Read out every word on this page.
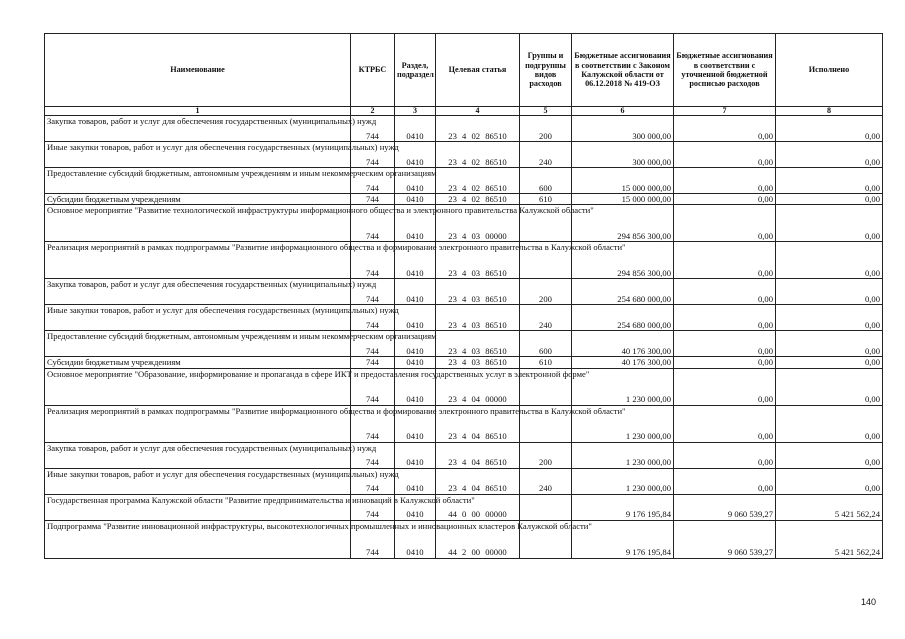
Наименование	КТРБС	Раздел, подраздел	Целевая статья	Группы и подгруппы видов расходов	Бюджетные ассигнования в соответствии с Законом Калужской области от 06.12.2018 № 419-ОЗ	Бюджетные ассигнования в соответствии с уточненной бюджетной росписью расходов	Исполнено
1	2	3	4	5	6	7	8
Закупка товаров, работ и услуг для обеспечения государственных (муниципальных) нужд	744	0410	23 4 02 86510	200	300 000,00	0,00	0,00
Иные закупки товаров, работ и услуг для обеспечения государственных (муниципальных) нужд	744	0410	23 4 02 86510	240	300 000,00	0,00	0,00
Предоставление субсидий бюджетным, автономным учреждениям и иным некоммерческим организациям	744	0410	23 4 02 86510	600	15 000 000,00	0,00	0,00
Субсидии бюджетным учреждениям	744	0410	23 4 02 86510	610	15 000 000,00	0,00	0,00
Основное мероприятие "Развитие технологической инфраструктуры информационного общества и электронного правительства Калужской области"	744	0410	23 4 03 00000		294 856 300,00	0,00	0,00
Реализация мероприятий в рамках подпрограммы "Развитие информационного общества и формирование электронного правительства в Калужской области"	744	0410	23 4 03 86510		294 856 300,00	0,00	0,00
Закупка товаров, работ и услуг для обеспечения государственных (муниципальных) нужд	744	0410	23 4 03 86510	200	254 680 000,00	0,00	0,00
Иные закупки товаров, работ и услуг для обеспечения государственных (муниципальных) нужд	744	0410	23 4 03 86510	240	254 680 000,00	0,00	0,00
Предоставление субсидий бюджетным, автономным учреждениям и иным некоммерческим организациям	744	0410	23 4 03 86510	600	40 176 300,00	0,00	0,00
Субсидии бюджетным учреждениям	744	0410	23 4 03 86510	610	40 176 300,00	0,00	0,00
Основное мероприятие "Образование, информирование и пропаганда в сфере ИКТ и предоставления государственных услуг в электронной форме"	744	0410	23 4 04 00000		1 230 000,00	0,00	0,00
Реализация мероприятий в рамках подпрограммы "Развитие информационного общества и формирование электронного правительства в Калужской области"	744	0410	23 4 04 86510		1 230 000,00	0,00	0,00
Закупка товаров, работ и услуг для обеспечения государственных (муниципальных) нужд	744	0410	23 4 04 86510	200	1 230 000,00	0,00	0,00
Иные закупки товаров, работ и услуг для обеспечения государственных (муниципальных) нужд	744	0410	23 4 04 86510	240	1 230 000,00	0,00	0,00
Государственная программа Калужской области "Развитие предпринимательства и инноваций в Калужской области"	744	0410	44 0 00 00000		9 176 195,84	9 060 539,27	5 421 562,24
Подпрограмма "Развитие инновационной инфраструктуры, высокотехнологичных промышленных и инновационных кластеров Калужской области"	744	0410	44 2 00 00000		9 176 195,84	9 060 539,27	5 421 562,24
140
